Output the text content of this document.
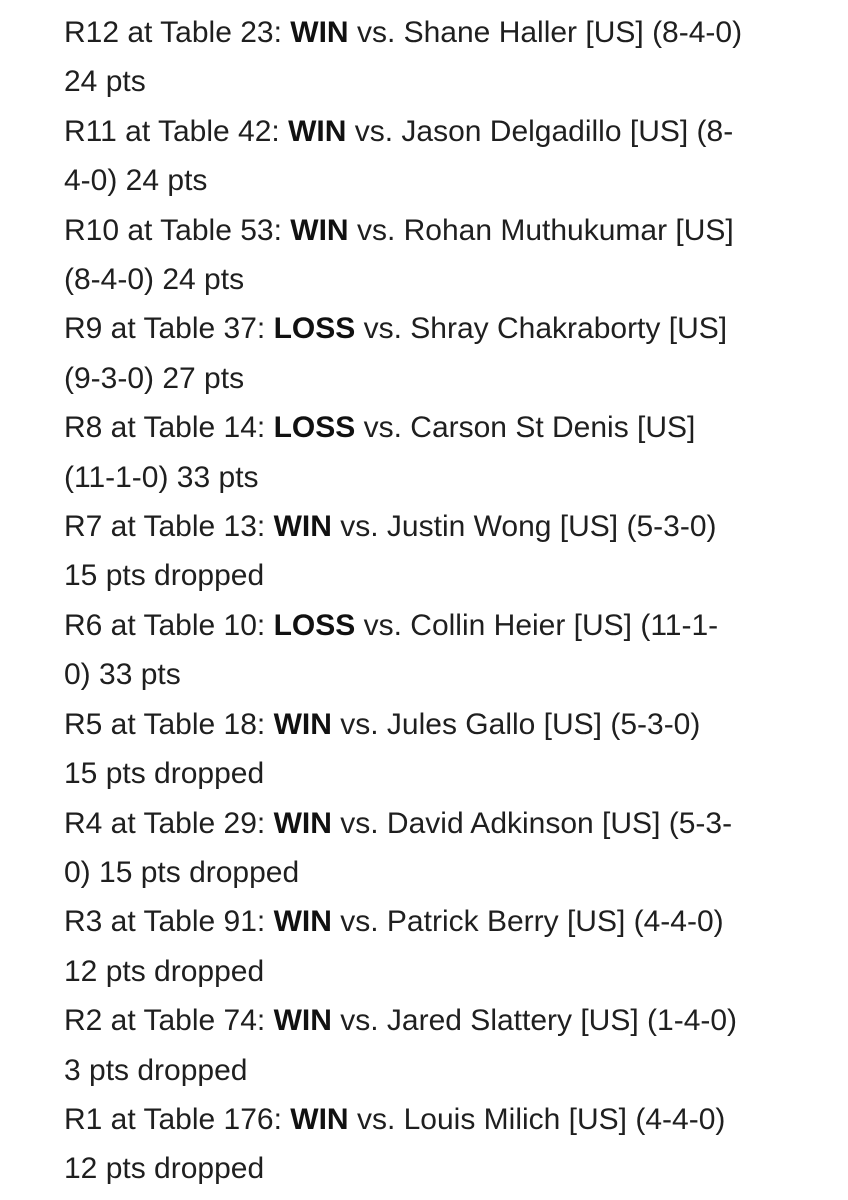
R12 at Table 23: WIN vs. Shane Haller [US] (8-4-0)
24 pts
R11 at Table 42: WIN vs. Jason Delgadillo [US] (8-
4-0) 24 pts
R10 at Table 53: WIN vs. Rohan Muthukumar [US]
(8-4-0) 24 pts
R9 at Table 37: LOSS vs. Shray Chakraborty [US]
(9-3-0) 27 pts
R8 at Table 14: LOSS vs. Carson St Denis [US]
(11-1-0) 33 pts
R7 at Table 13: WIN vs. Justin Wong [US] (5-3-0)
15 pts dropped
R6 at Table 10: LOSS vs. Collin Heier [US] (11-1-
0) 33 pts
R5 at Table 18: WIN vs. Jules Gallo [US] (5-3-0)
15 pts dropped
R4 at Table 29: WIN vs. David Adkinson [US] (5-3-
0) 15 pts dropped
R3 at Table 91: WIN vs. Patrick Berry [US] (4-4-0)
12 pts dropped
R2 at Table 74: WIN vs. Jared Slattery [US] (1-4-0)
3 pts dropped
R1 at Table 176: WIN vs. Louis Milich [US] (4-4-0)
12 pts dropped
